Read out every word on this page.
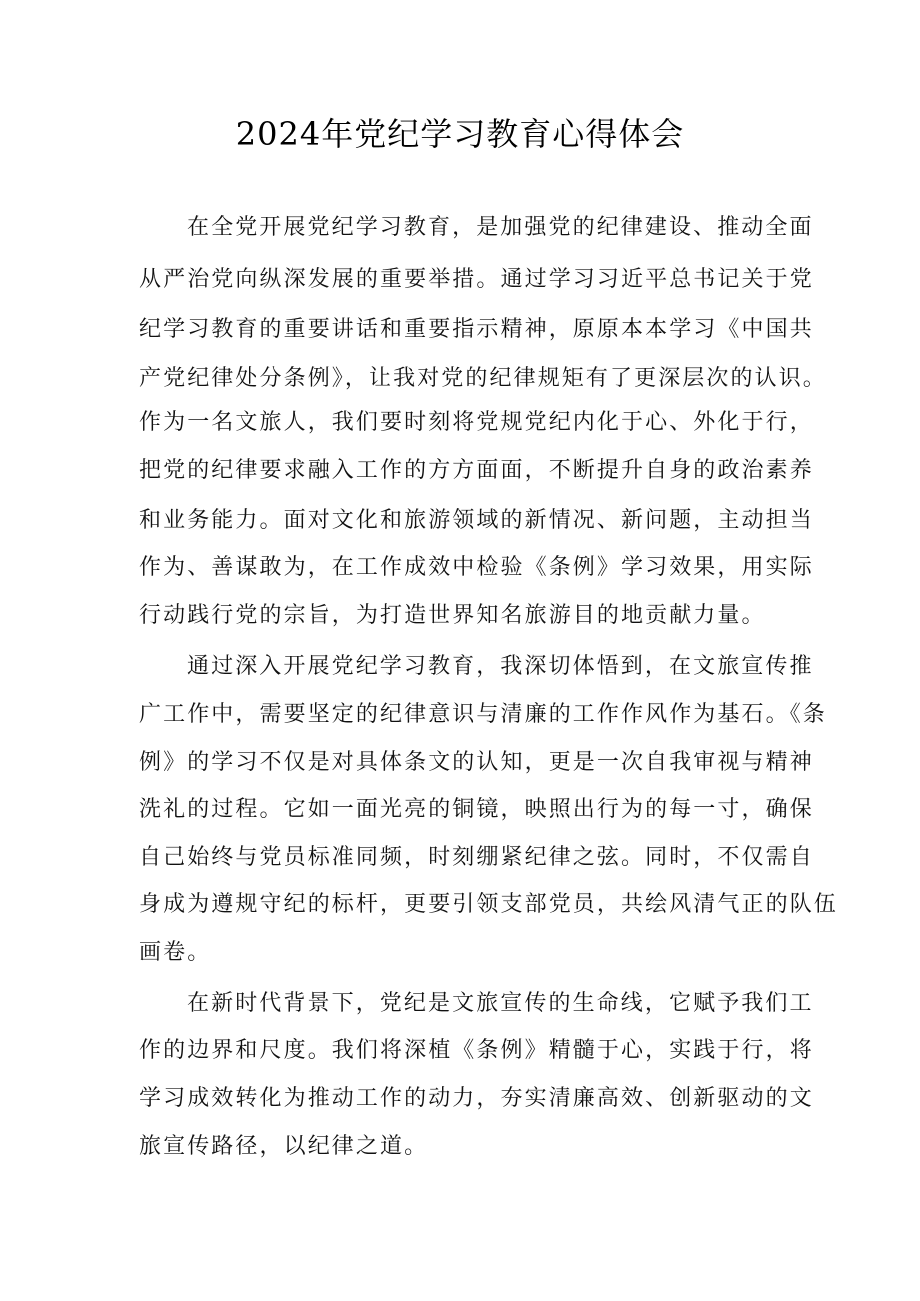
2024年党纪学习教育心得体会
在全党开展党纪学习教育，是加强党的纪律建设、推动全面
从严治党向纵深发展的重要举措。通过学习习近平总书记关于党
纪学习教育的重要讲话和重要指示精神，原原本本学习《中国共
产党纪律处分条例》，让我对党的纪律规矩有了更深层次的认识。
作为一名文旅人，我们要时刻将党规党纪内化于心、外化于行，
把党的纪律要求融入工作的方方面面，不断提升自身的政治素养
和业务能力。面对文化和旅游领域的新情况、新问题，主动担当
作为、善谋敢为，在工作成效中检验《条例》学习效果，用实际
行动践行党的宗旨，为打造世界知名旅游目的地贡献力量。
通过深入开展党纪学习教育，我深切体悟到，在文旅宣传推
广工作中，需要坚定的纪律意识与清廉的工作作风作为基石。《条
例》的学习不仅是对具体条文的认知，更是一次自我审视与精神
洗礼的过程。它如一面光亮的铜镜，映照出行为的每一寸，确保
自己始终与党员标准同频，时刻绷紧纪律之弦。同时，不仅需自
身成为遵规守纪的标杆，更要引领支部党员，共绘风清气正的队伍
画卷。
在新时代背景下，党纪是文旅宣传的生命线，它赋予我们工
作的边界和尺度。我们将深植《条例》精髓于心，实践于行，将
学习成效转化为推动工作的动力，夯实清廉高效、创新驱动的文
旅宣传路径，以纪律之道。
